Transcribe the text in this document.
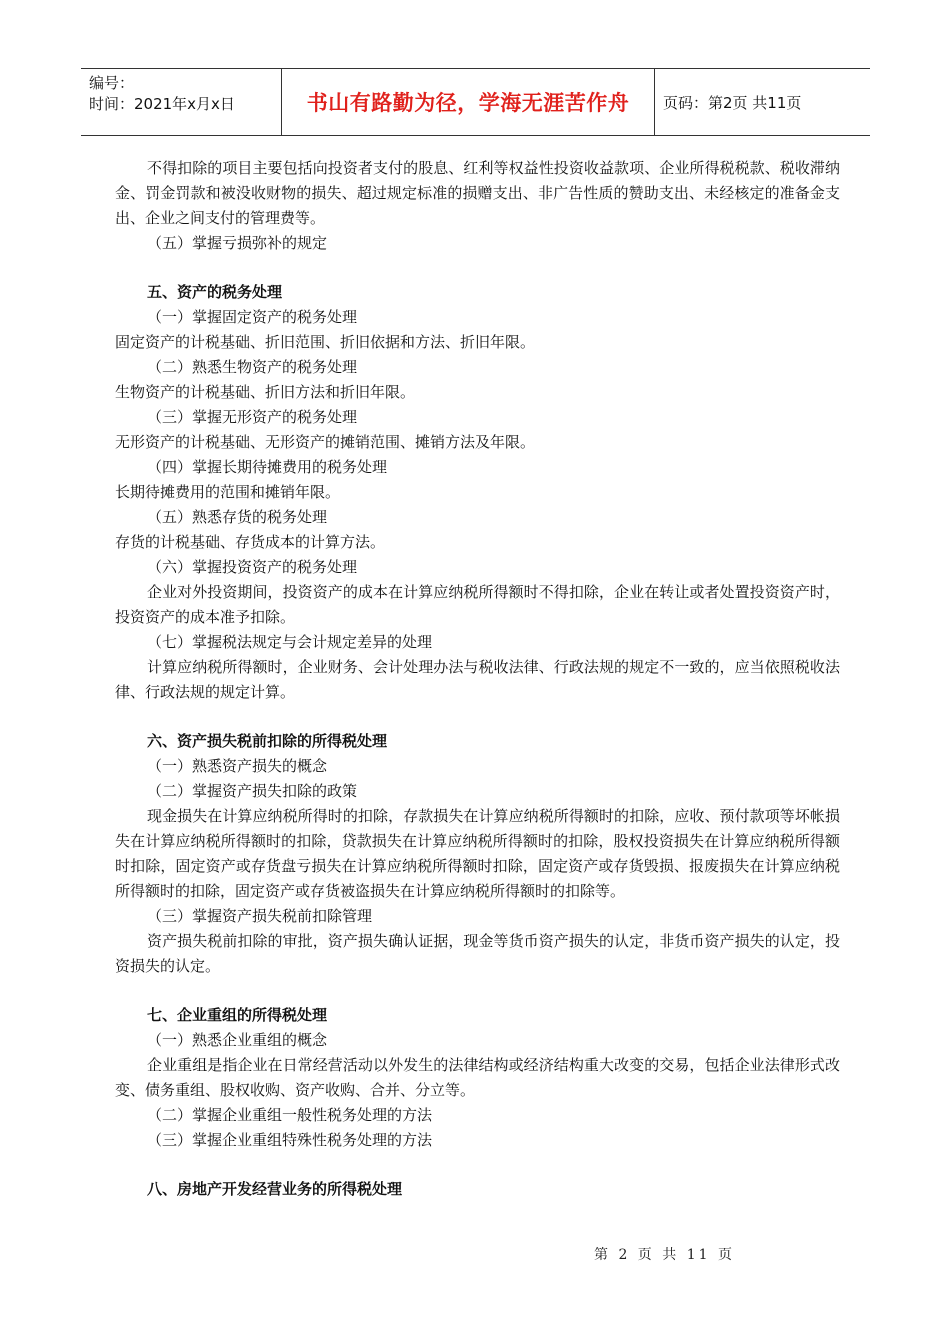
编号：
时间：2021年x月x日	书山有路勤为径，学海无涯苦作舟	页码：第2页 共11页

不得扣除的项目主要包括向投资者支付的股息、红利等权益性投资收益款项、企业所得税税款、税收滞纳金、罚金罚款和被没收财物的损失、超过规定标准的损赠支出、非广告性质的赞助支出、未经核定的准备金支出、企业之间支付的管理费等。

（五）掌握亏损弥补的规定

五、资产的税务处理

（一）掌握固定资产的税务处理

固定资产的计税基础、折旧范围、折旧依据和方法、折旧年限。

（二）熟悉生物资产的税务处理

生物资产的计税基础、折旧方法和折旧年限。

（三）掌握无形资产的税务处理

无形资产的计税基础、无形资产的摊销范围、摊销方法及年限。

（四）掌握长期待摊费用的税务处理

长期待摊费用的范围和摊销年限。

（五）熟悉存货的税务处理

存货的计税基础、存货成本的计算方法。

（六）掌握投资资产的税务处理

企业对外投资期间，投资资产的成本在计算应纳税所得额时不得扣除，企业在转让或者处置投资资产时，投资资产的成本准予扣除。

（七）掌握税法规定与会计规定差异的处理

计算应纳税所得额时，企业财务、会计处理办法与税收法律、行政法规的规定不一致的，应当依照税收法律、行政法规的规定计算。

六、资产损失税前扣除的所得税处理

（一）熟悉资产损失的概念

（二）掌握资产损失扣除的政策

现金损失在计算应纳税所得时的扣除，存款损失在计算应纳税所得额时的扣除，应收、预付款项等坏帐损失在计算应纳税所得额时的扣除，贷款损失在计算应纳税所得额时的扣除，股权投资损失在计算应纳税所得额时扣除，固定资产或存货盘亏损失在计算应纳税所得额时扣除，固定资产或存货毁损、报废损失在计算应纳税所得额时的扣除，固定资产或存货被盗损失在计算应纳税所得额时的扣除等。

（三）掌握资产损失税前扣除管理

资产损失税前扣除的审批，资产损失确认证据，现金等货币资产损失的认定，非货币资产损失的认定，投资损失的认定。

七、企业重组的所得税处理

（一）熟悉企业重组的概念

企业重组是指企业在日常经营活动以外发生的法律结构或经济结构重大改变的交易，包括企业法律形式改变、债务重组、股权收购、资产收购、合并、分立等。

（二）掌握企业重组一般性税务处理的方法

（三）掌握企业重组特殊性税务处理的方法

八、房地产开发经营业务的所得税处理
第 2 页 共 11 页
